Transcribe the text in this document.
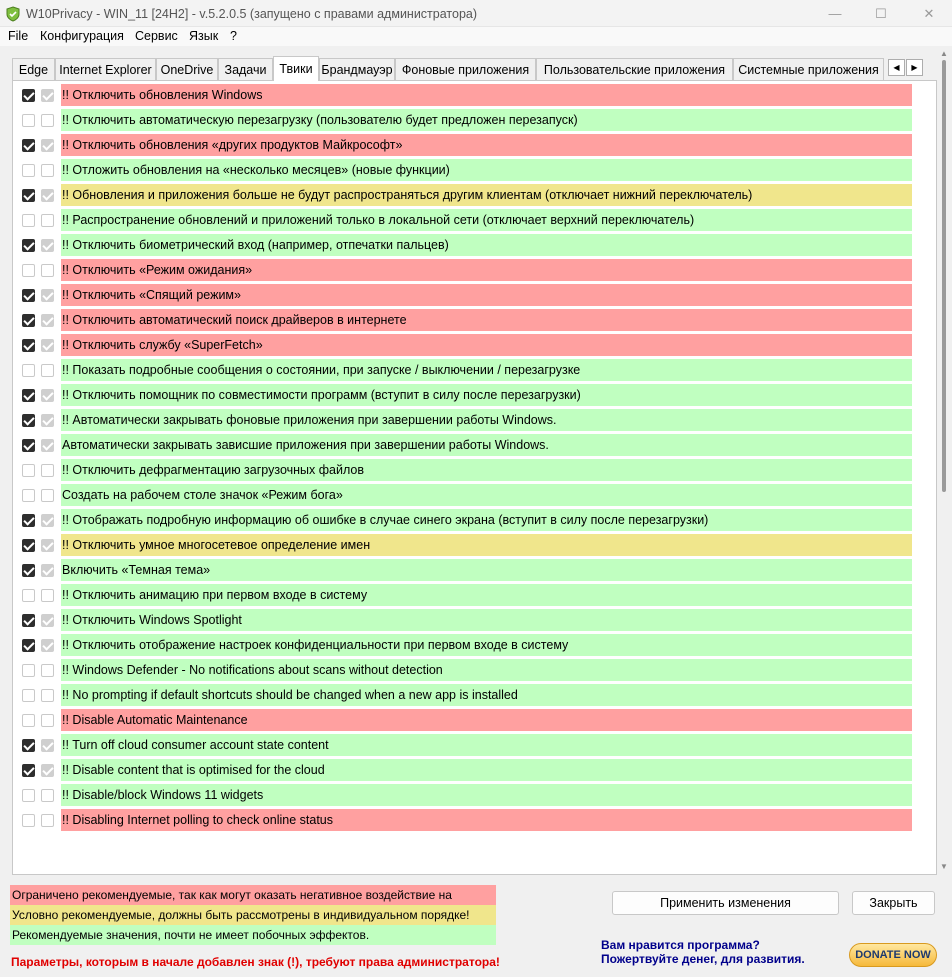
W10Privacy - WIN_11 [24H2] - v.5.2.0.5 (запущено с правами администратора)	—	☐	✕
File Конфигурация Сервис Язык ?
Edge Internet Explorer OneDrive Задачи	Твики Брандмауэр Фоновые приложения	Пользовательские приложения	Системные приложения	◀	▶
!! Отключить обновления Windows
!! Отключить автоматическую перезагрузку (пользователю будет предложен перезапуск)
!! Отключить обновления «других продуктов Майкрософт»
!! Отложить обновления на «несколько месяцев» (новые функции)
!! Обновления и приложения больше не будут распространяться другим клиентам (отключает нижний переключатель)
!! Распространение обновлений и приложений только в локальной сети (отключает верхний переключатель)
!! Отключить биометрический вход (например, отпечатки пальцев)
!! Отключить «Режим ожидания»
!! Отключить «Спящий режим»
!! Отключить автоматический поиск драйверов в интернете
!! Отключить службу «SuperFetch»
!! Показать подробные сообщения о состоянии, при запуске / выключении / перезагрузке
!! Отключить помощник по совместимости программ (вступит в силу после перезагрузки)
!! Автоматически закрывать фоновые приложения при завершении работы Windows.
Автоматически закрывать зависшие приложения при завершении работы Windows.
!! Отключить дефрагментацию загрузочных файлов
Создать на рабочем столе значок «Режим бога»
!! Отображать подробную информацию об ошибке в случае синего экрана (вступит в силу после перезагрузки)
!! Отключить умное многосетевое определение имен
Включить «Темная тема»
!! Отключить анимацию при первом входе в систему
!! Отключить Windows Spotlight
!! Отключить отображение настроек конфиденциальности при первом входе в систему
!! Windows Defender - No notifications about scans without detection
!! No prompting if default shortcuts should be changed when a new app is installed
!! Disable Automatic Maintenance
!! Turn off cloud consumer account state content
!! Disable content that is optimised for the cloud
!! Disable/block Windows 11 widgets
!! Disabling Internet polling to check online status
▲
▼
Ограничено рекомендуемые, так как могут оказать негативное воздействие на
Условно рекомендуемые, должны быть рассмотрены в индивидуальном порядке!
Рекомендуемые значения, почти не имеет побочных эффектов.
Параметры, которым в начале добавлен знак (!), требуют права администратора!
Применить изменения	Закрыть
Вам нравится программа?
Пожертвуйте денег, для развития.	DONATE NOW
